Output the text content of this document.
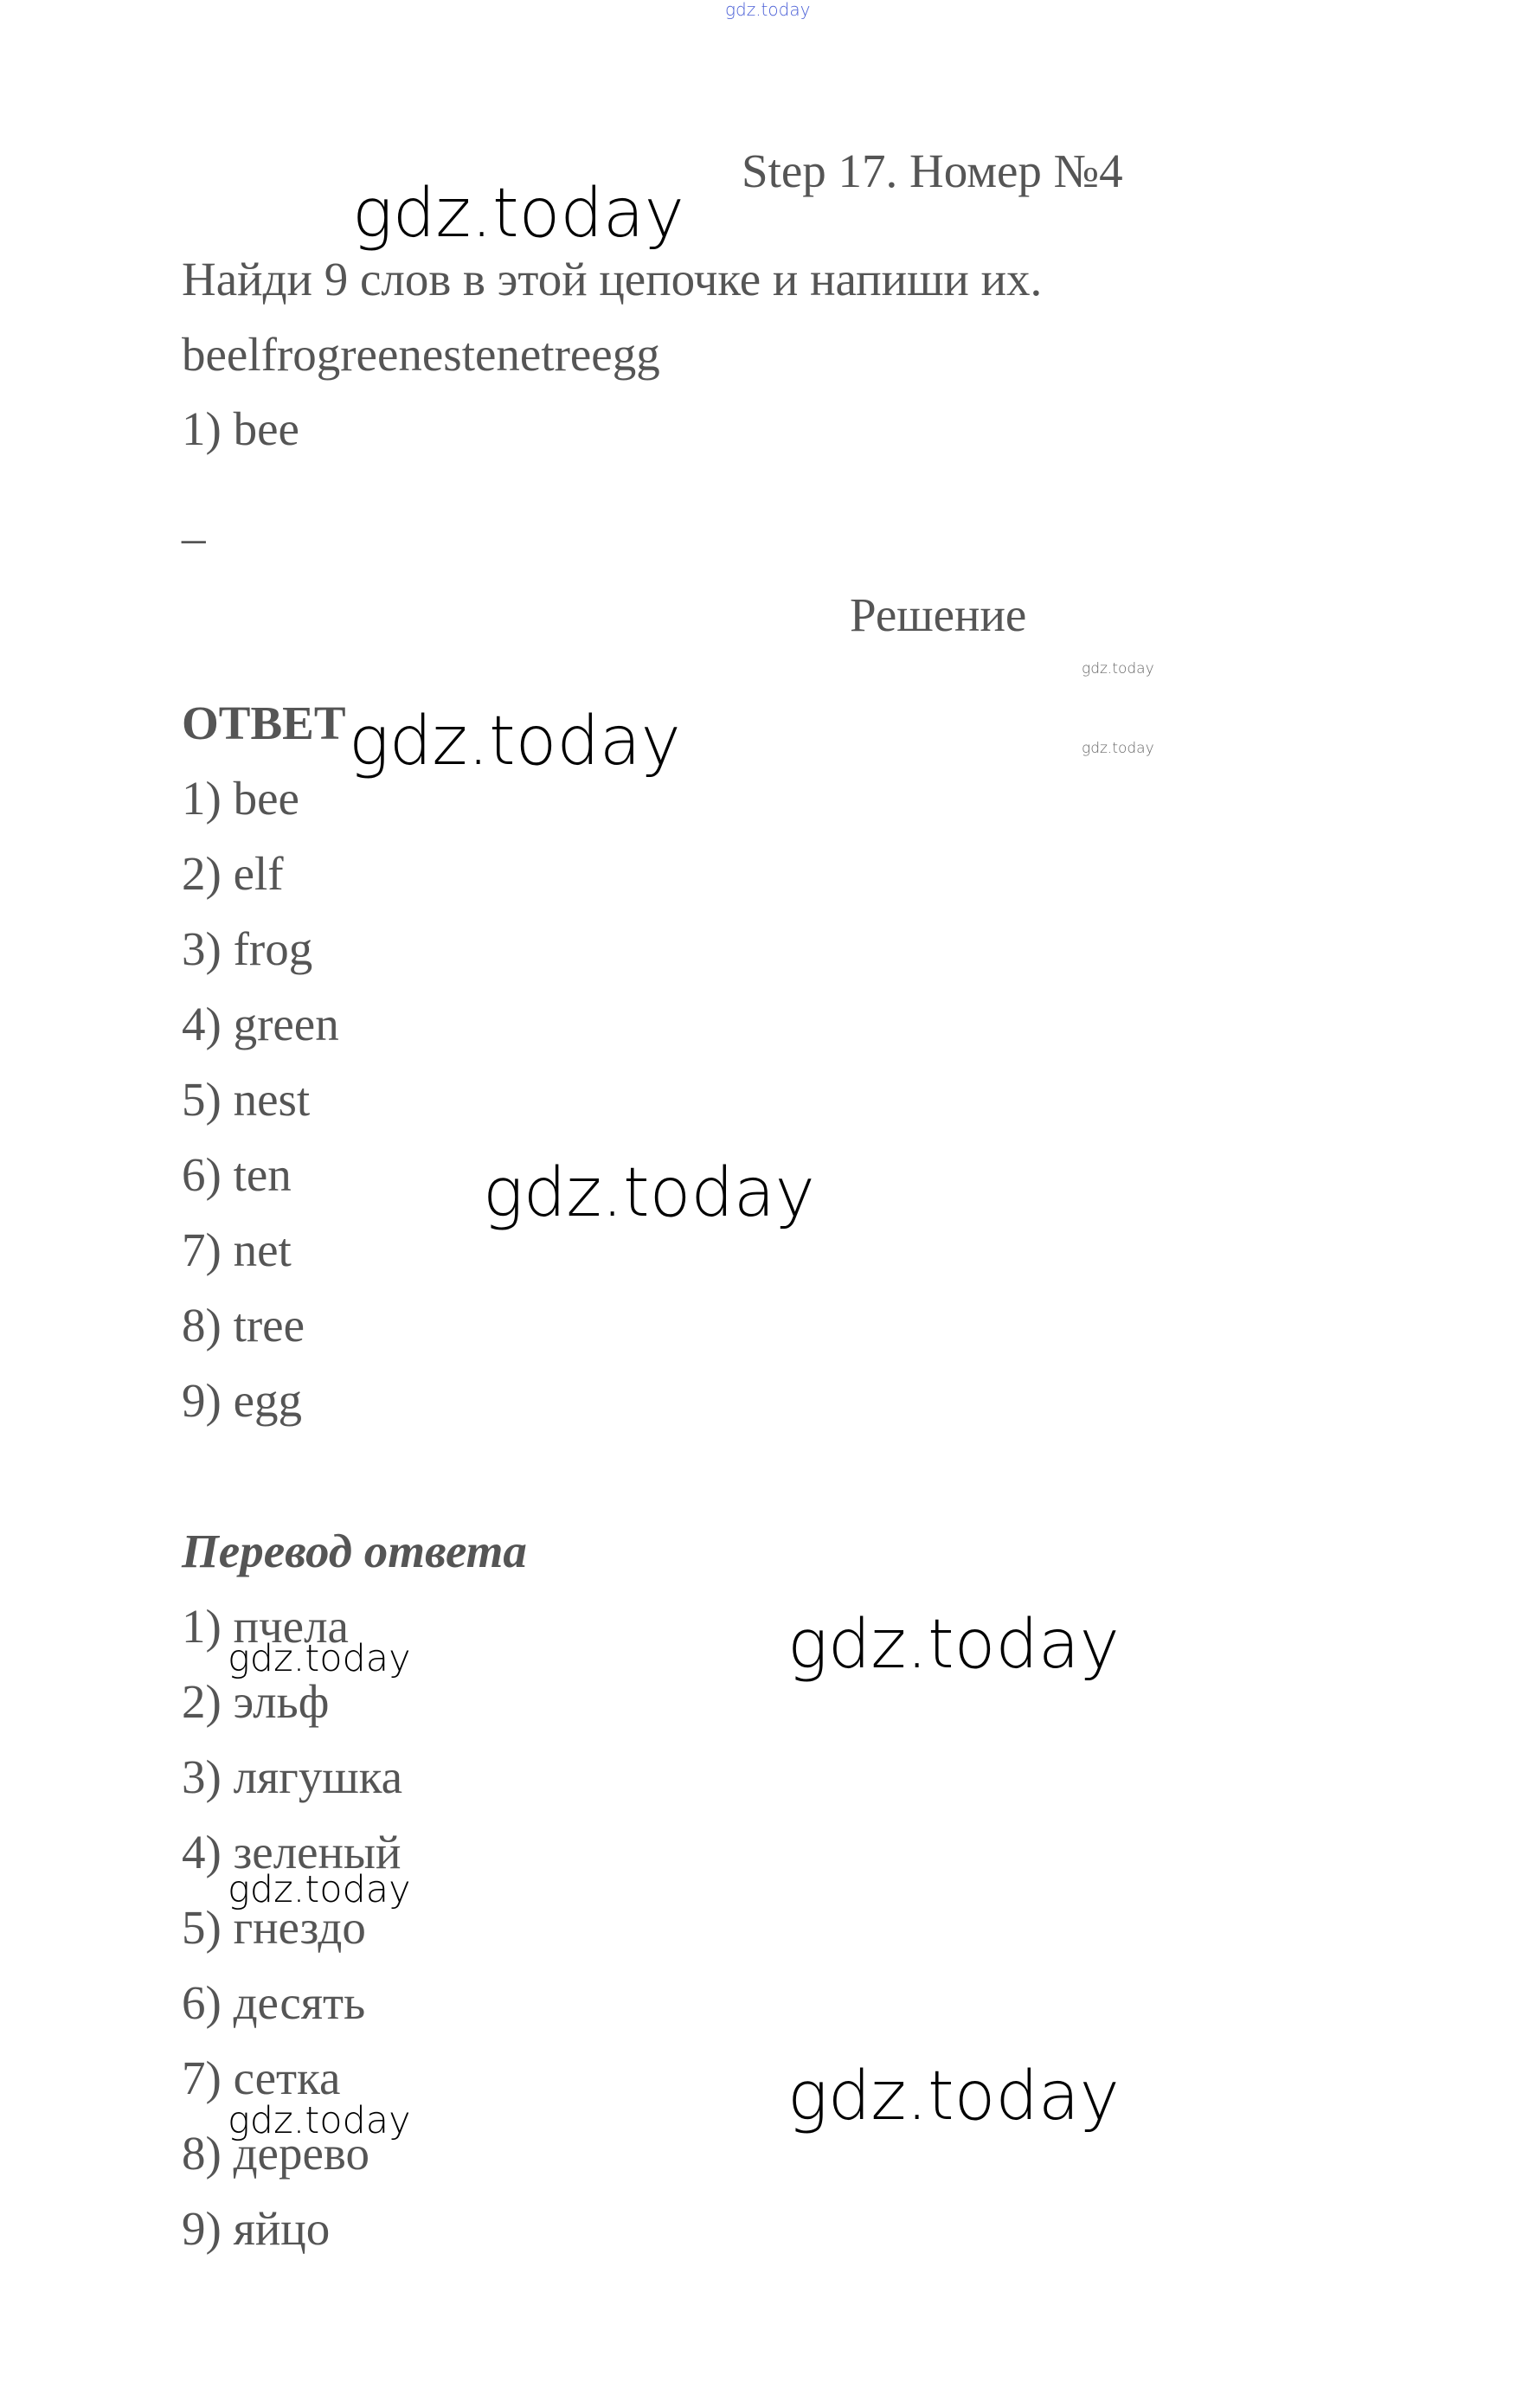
gdz.today
Step 17. Номер №4
Найди 9 слов в этой цепочке и напиши их.
beelfrogreenestenetreegg
1) bee
_
Решение
ОТВЕТ
1) bee
2) elf
3) frog
4) green
5) nest
6) ten
7) net
8) tree
9) egg
Перевод ответа
1) пчела
2) эльф
3) лягушка
4) зеленый
5) гнездо
6) десять
7) сетка
8) дерево
9) яйцо
gdz.today
gdz.today
gdz.today
gdz.today
gdz.today
gdz.today
gdz.today
gdz.today
gdz.today
gdz.today
